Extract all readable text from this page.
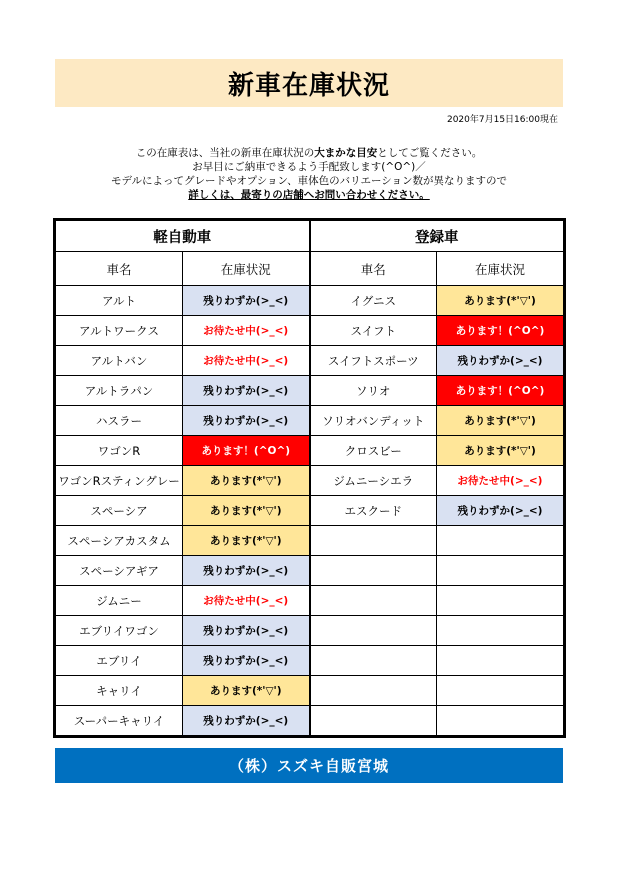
新車在庫状況
2020年7月15日16:00現在
この在庫表は、当社の新車在庫状況の大まかな目安としてご覧ください。
お早目にご納車できるよう手配致します(^O^)／
モデルによってグレードやオプション、車体色のバリエーション数が異なりますので
詳しくは、最寄りの店舗へお問い合わせください。
軽自動車		登録車	
車名	在庫状況	車名	在庫状況
アルト	残りわずか(>_<)	イグニス	あります(*'▽')
アルトワークス	お待たせ中(>_<)	スイフト	あります！(^O^)
アルトバン	お待たせ中(>_<)	スイフトスポーツ	残りわずか(>_<)
アルトラパン	残りわずか(>_<)	ソリオ	あります！(^O^)
ハスラー	残りわずか(>_<)	ソリオバンディット	あります(*'▽')
ワゴンR	あります！(^O^)	クロスビー	あります(*'▽')
ワゴンRスティングレー	あります(*'▽')	ジムニーシエラ	お待たせ中(>_<)
スペーシア	あります(*'▽')	エスクード	残りわずか(>_<)
スペーシアカスタム	あります(*'▽')		
スペーシアギア	残りわずか(>_<)		
ジムニー	お待たせ中(>_<)		
エブリイワゴン	残りわずか(>_<)		
エブリイ	残りわずか(>_<)		
キャリイ	あります(*'▽')		
スーパーキャリイ	残りわずか(>_<)		
（株）スズキ自販宮城
